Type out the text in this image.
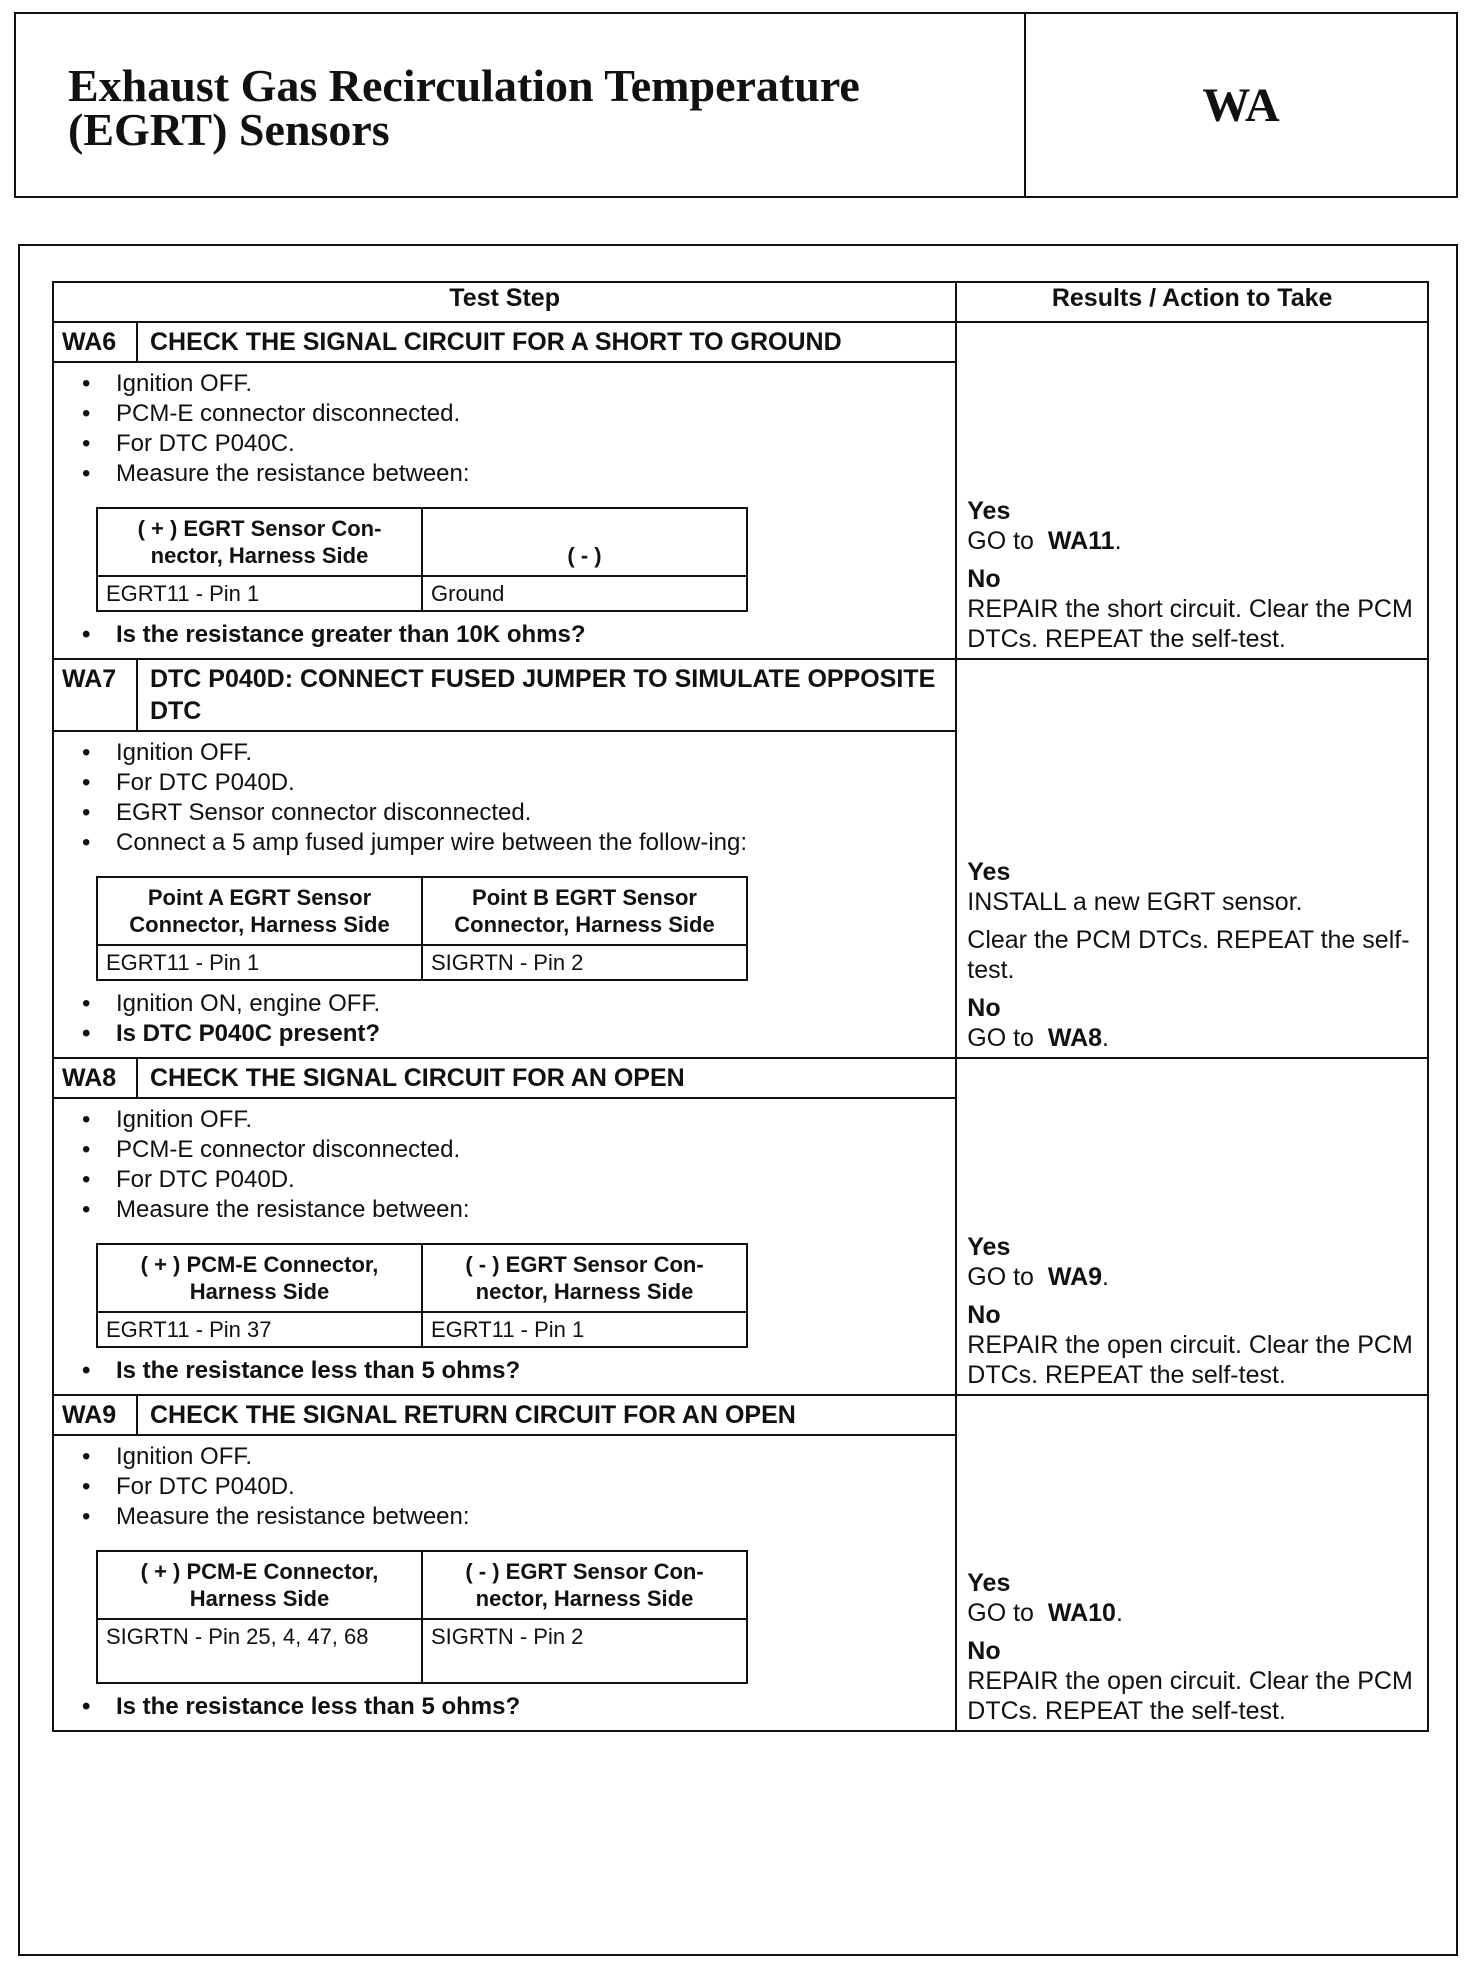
Exhaust Gas Recirculation Temperature
(EGRT) Sensors	WA
Test Step	Results / Action to Take
WA6	CHECK THE SIGNAL CIRCUIT FOR A SHORT TO GROUND	

Yes

GO to WA11.

No

REPAIR the short circuit. Clear the PCM DTCs. REPEAT the self-test.

• Ignition OFF.
• PCM-E connector disconnected.
• For DTC P040C.
• Measure the resistance between:
( + ) EGRT Sensor Con-nector, Harness Side	( - )
EGRT11 - Pin 1	Ground
• Is the resistance greater than 10K ohms?

WA7	DTC P040D: CONNECT FUSED JUMPER TO SIMULATE OPPOSITE DTC	

Yes

INSTALL a new EGRT sensor.

Clear the PCM DTCs. REPEAT the self-test.

No

GO to WA8.

• Ignition OFF.
• For DTC P040D.
• EGRT Sensor connector disconnected.
• Connect a 5 amp fused jumper wire between the follow-ing:
Point A EGRT Sensor Connector, Harness Side	Point B EGRT Sensor Connector, Harness Side
EGRT11 - Pin 1	SIGRTN - Pin 2
• Ignition ON, engine OFF.
• Is DTC P040C present?

WA8	CHECK THE SIGNAL CIRCUIT FOR AN OPEN	

Yes

GO to WA9.

No

REPAIR the open circuit. Clear the PCM DTCs. REPEAT the self-test.

• Ignition OFF.
• PCM-E connector disconnected.
• For DTC P040D.
• Measure the resistance between:
( + ) PCM-E Connector, Harness Side	( - ) EGRT Sensor Con-nector, Harness Side
EGRT11 - Pin 37	EGRT11 - Pin 1
• Is the resistance less than 5 ohms?

WA9	CHECK THE SIGNAL RETURN CIRCUIT FOR AN OPEN	

Yes

GO to WA10.

No

REPAIR the open circuit. Clear the PCM DTCs. REPEAT the self-test.

• Ignition OFF.
• For DTC P040D.
• Measure the resistance between:
( + ) PCM-E Connector, Harness Side	( - ) EGRT Sensor Con-nector, Harness Side
SIGRTN - Pin 25, 4, 47, 68	SIGRTN - Pin 2
• Is the resistance less than 5 ohms?
